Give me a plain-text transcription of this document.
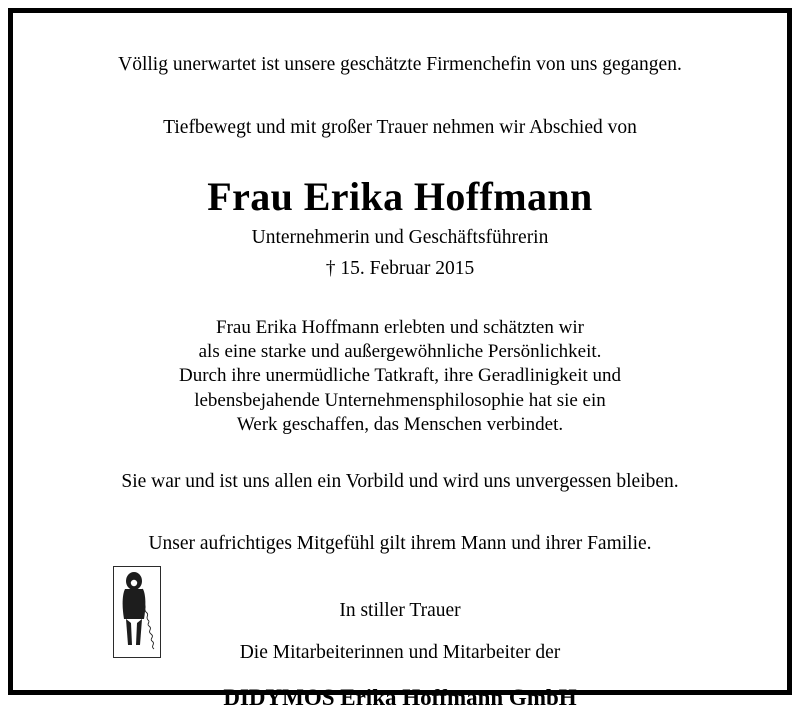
Völlig unerwartet ist unsere geschätzte Firmenchefin von uns gegangen.
Tiefbewegt und mit großer Trauer nehmen wir Abschied von
Frau Erika Hoffmann
Unternehmerin und Geschäftsführerin
† 15. Februar 2015
Frau Erika Hoffmann erlebten und schätzten wir
als eine starke und außergewöhnliche Persönlichkeit.
Durch ihre unermüdliche Tatkraft, ihre Geradlinigkeit und
lebensbejahende Unternehmensphilosophie hat sie ein
Werk geschaffen, das Menschen verbindet.
Sie war und ist uns allen ein Vorbild und wird uns unvergessen bleiben.
Unser aufrichtiges Mitgefühl gilt ihrem Mann und ihrer Familie.
In stiller Trauer
Die Mitarbeiterinnen und Mitarbeiter der
DIDYMOS Erika Hoffmann GmbH
